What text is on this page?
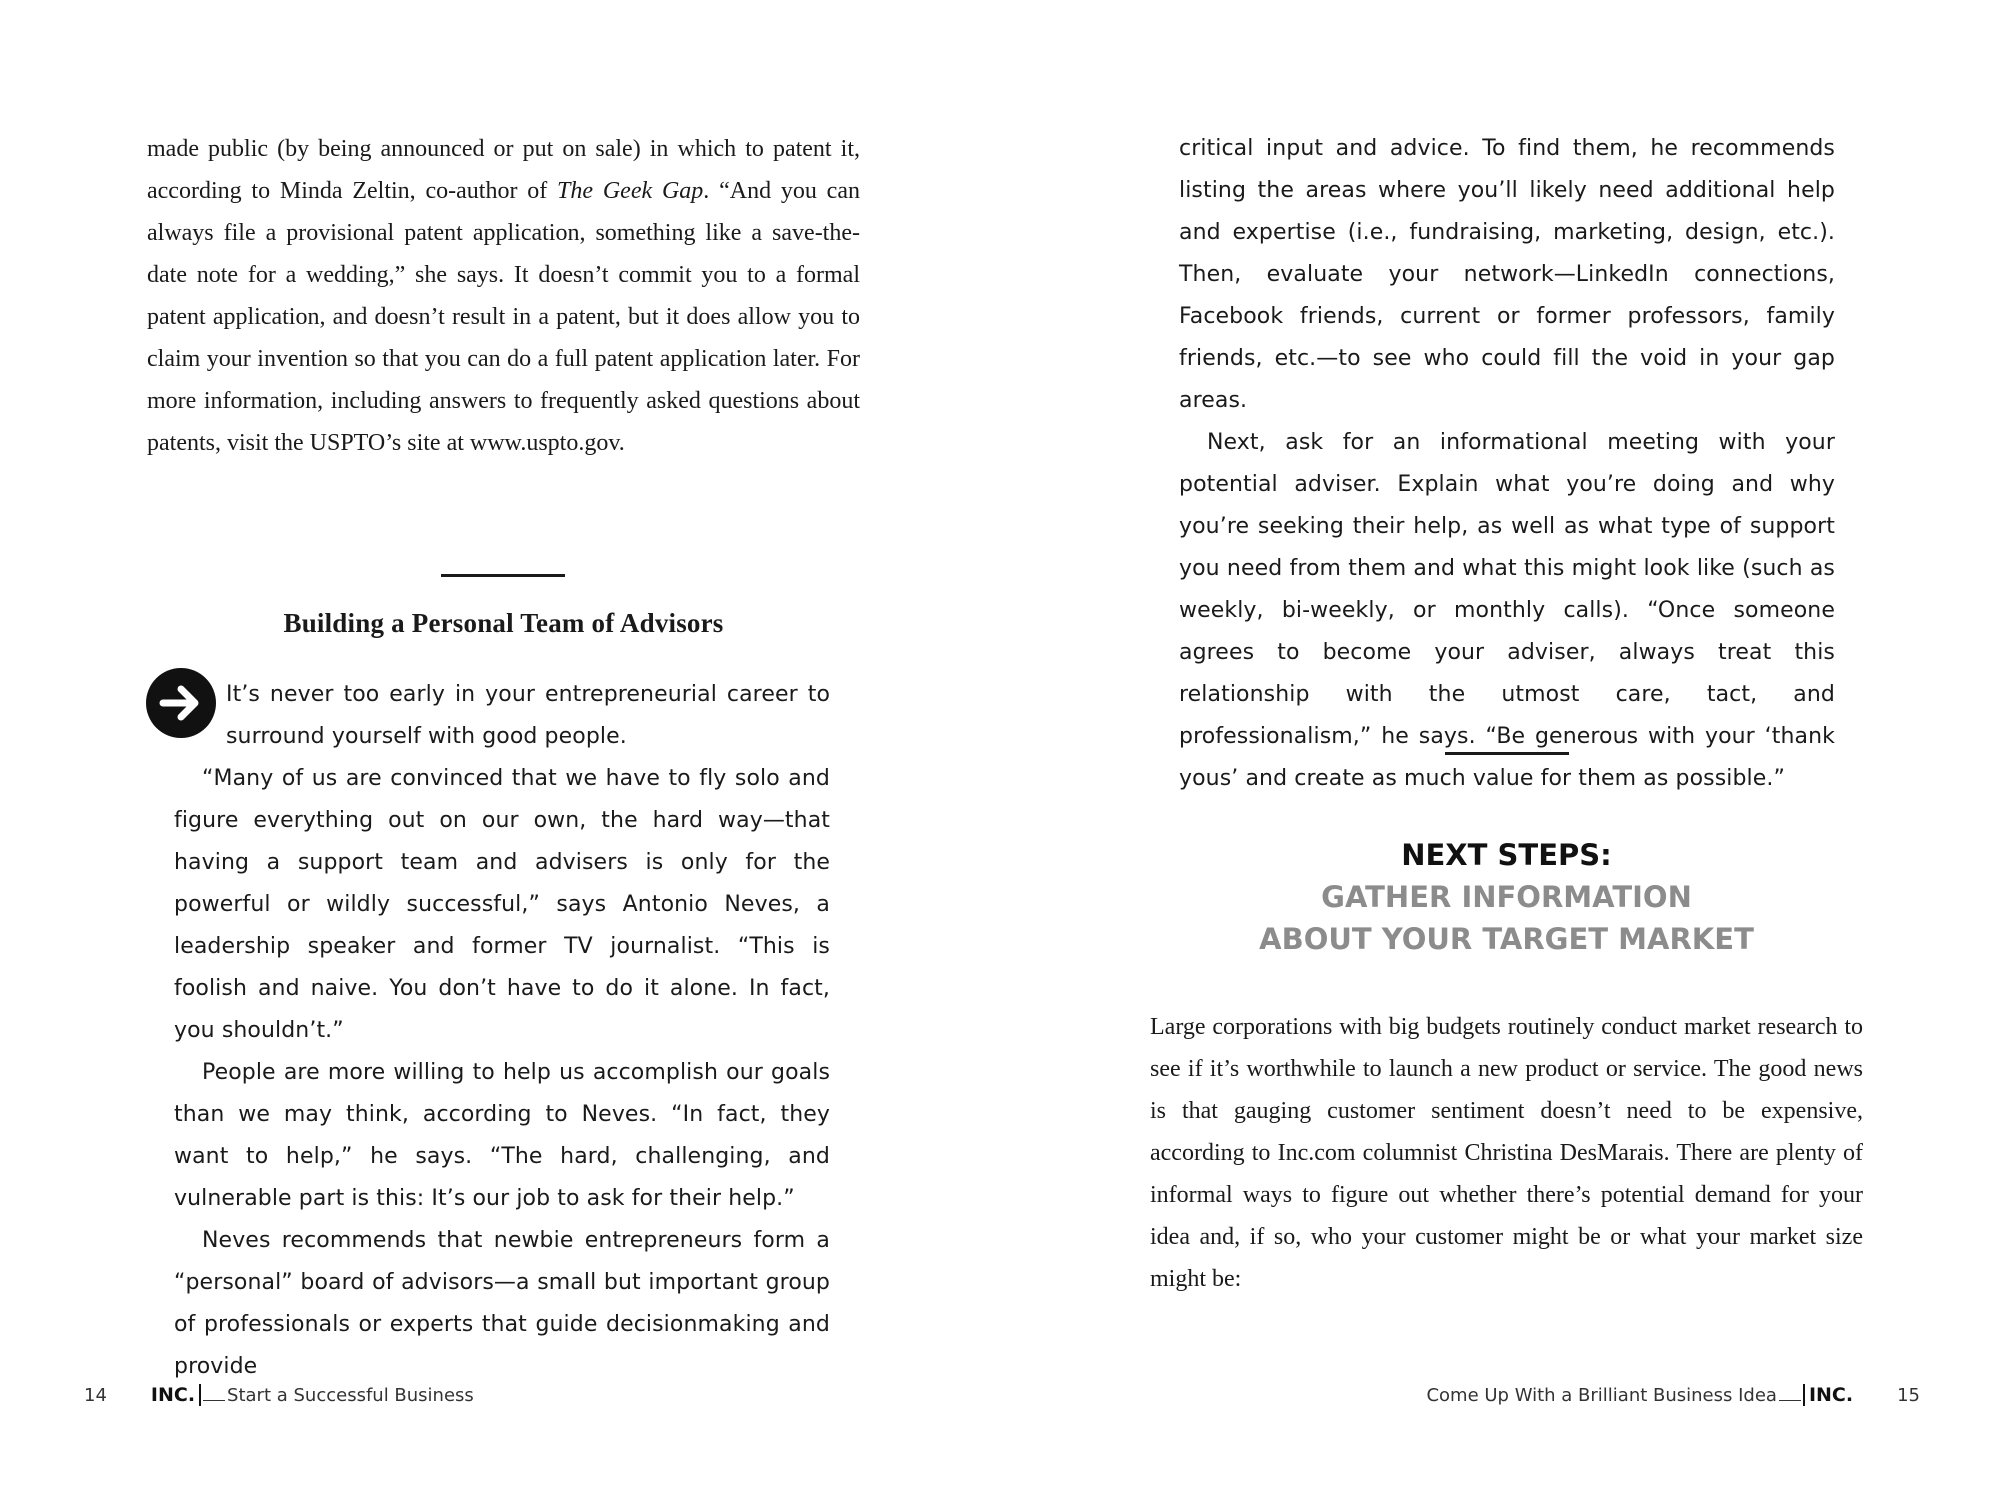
made public (by being announced or put on sale) in which to patent it, according to Minda Zeltin, co-author of The Geek Gap. “And you can always file a provisional patent application, something like a save-the-date note for a wedding,” she says. It doesn’t commit you to a formal patent application, and doesn’t result in a patent, but it does allow you to claim your invention so that you can do a full patent application later. For more information, including answers to frequently asked questions about patents, visit the USPTO’s site at www.uspto.gov.
Building a Personal Team of Advisors
It’s never too early in your entrepreneurial career to surround yourself with good people.

“Many of us are convinced that we have to fly solo and figure everything out on our own, the hard way—that having a support team and advisers is only for the powerful or wildly successful,” says Antonio Neves, a leadership speaker and former TV journalist. “This is foolish and naive. You don’t have to do it alone. In fact, you shouldn’t.”

People are more willing to help us accomplish our goals than we may think, according to Neves. “In fact, they want to help,” he says. “The hard, challenging, and vulnerable part is this: It’s our job to ask for their help.”

Neves recommends that newbie entrepreneurs form a “personal” board of advisors—a small but important group of professionals or experts that guide decisionmaking and provide

14 INC.	Start a Successful Business

critical input and advice. To find them, he recommends listing the areas where you’ll likely need additional help and expertise (i.e., fundraising, marketing, design, etc.). Then, evaluate your network—LinkedIn connections, Facebook friends, current or former professors, family friends, etc.—to see who could fill the void in your gap areas.

Next, ask for an informational meeting with your potential adviser. Explain what you’re doing and why you’re seeking their help, as well as what type of support you need from them and what this might look like (such as weekly, bi-weekly, or monthly calls). “Once someone agrees to become your adviser, always treat this relationship with the utmost care, tact, and professionalism,” he says. “Be generous with your ‘thank yous’ and create as much value for them as possible.”

NEXT STEPS:
GATHER INFORMATION
ABOUT YOUR TARGET MARKET
Large corporations with big budgets routinely conduct market research to see if it’s worthwhile to launch a new product or service. The good news is that gauging customer sentiment doesn’t need to be expensive, according to Inc.com columnist Christina DesMarais. There are plenty of informal ways to figure out whether there’s potential demand for your idea and, if so, who your customer might be or what your market size might be:
Come Up With a Brilliant Business Idea	INC. 15
